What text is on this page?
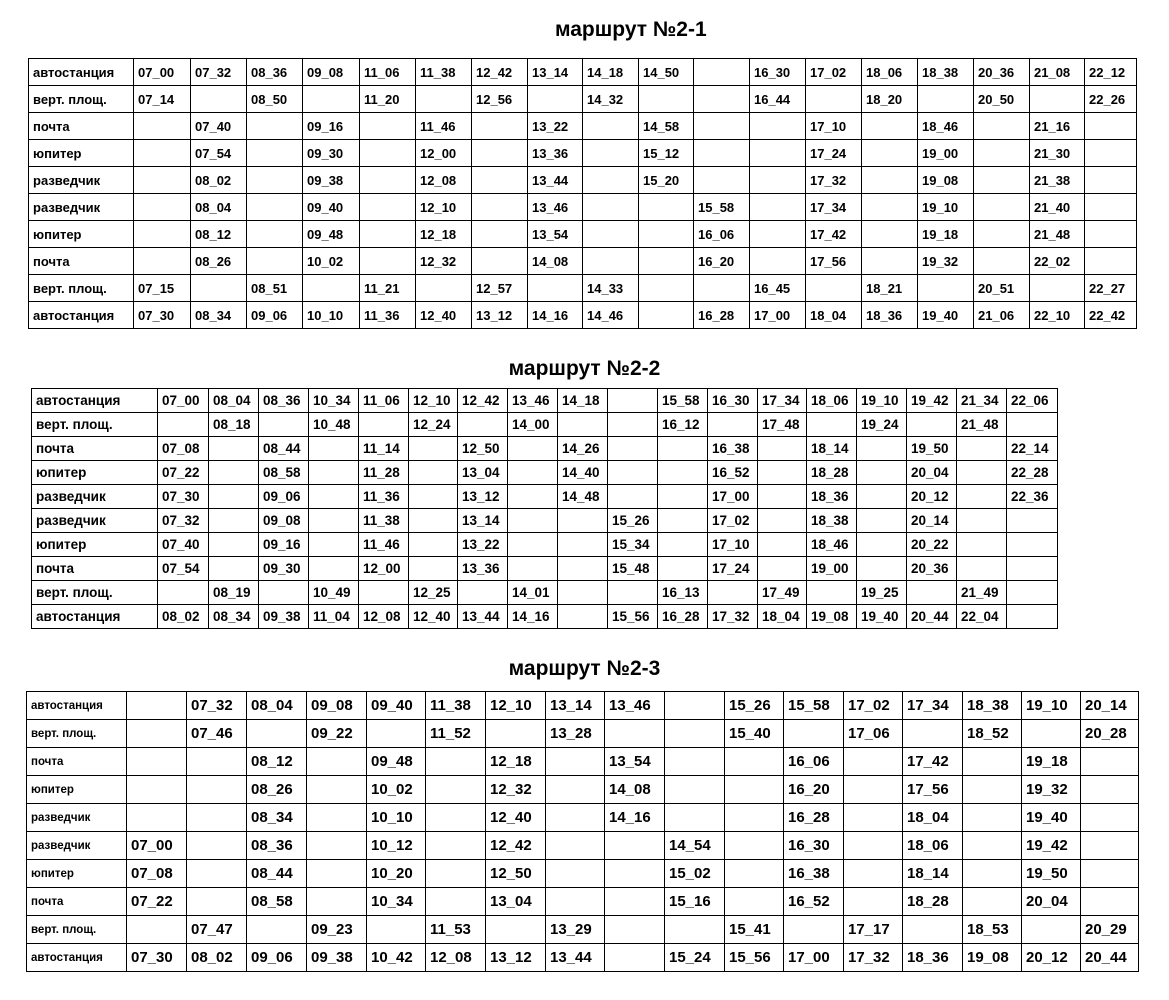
маршрут №2-1
автостанция	07_00	07_32	08_36	09_08	11_06	11_38	12_42	13_14	14_18	14_50		16_30	17_02	18_06	18_38	20_36	21_08	22_12
верт. площ.	07_14		08_50		11_20		12_56		14_32			16_44		18_20		20_50		22_26
почта		07_40		09_16		11_46		13_22		14_58			17_10		18_46		21_16	
юпитер		07_54		09_30		12_00		13_36		15_12			17_24		19_00		21_30	
разведчик		08_02		09_38		12_08		13_44		15_20			17_32		19_08		21_38	
разведчик		08_04		09_40		12_10		13_46			15_58		17_34		19_10		21_40	
юпитер		08_12		09_48		12_18		13_54			16_06		17_42		19_18		21_48	
почта		08_26		10_02		12_32		14_08			16_20		17_56		19_32		22_02	
верт. площ.	07_15		08_51		11_21		12_57		14_33			16_45		18_21		20_51		22_27
автостанция	07_30	08_34	09_06	10_10	11_36	12_40	13_12	14_16	14_46		16_28	17_00	18_04	18_36	19_40	21_06	22_10	22_42
маршрут №2-2
автостанция	07_00	08_04	08_36	10_34	11_06	12_10	12_42	13_46	14_18		15_58	16_30	17_34	18_06	19_10	19_42	21_34	22_06
верт. площ.		08_18		10_48		12_24		14_00			16_12		17_48		19_24		21_48	
почта	07_08		08_44		11_14		12_50		14_26			16_38		18_14		19_50		22_14
юпитер	07_22		08_58		11_28		13_04		14_40			16_52		18_28		20_04		22_28
разведчик	07_30		09_06		11_36		13_12		14_48			17_00		18_36		20_12		22_36
разведчик	07_32		09_08		11_38		13_14			15_26		17_02		18_38		20_14		
юпитер	07_40		09_16		11_46		13_22			15_34		17_10		18_46		20_22		
почта	07_54		09_30		12_00		13_36			15_48		17_24		19_00		20_36		
верт. площ.		08_19		10_49		12_25		14_01			16_13		17_49		19_25		21_49	
автостанция	08_02	08_34	09_38	11_04	12_08	12_40	13_44	14_16		15_56	16_28	17_32	18_04	19_08	19_40	20_44	22_04	
маршрут №2-3
автостанция		07_32	08_04	09_08	09_40	11_38	12_10	13_14	13_46		15_26	15_58	17_02	17_34	18_38	19_10	20_14
верт. площ.		07_46		09_22		11_52		13_28			15_40		17_06		18_52		20_28
почта			08_12		09_48		12_18		13_54			16_06		17_42		19_18	
юпитер			08_26		10_02		12_32		14_08			16_20		17_56		19_32	
разведчик			08_34		10_10		12_40		14_16			16_28		18_04		19_40	
разведчик	07_00		08_36		10_12		12_42			14_54		16_30		18_06		19_42	
юпитер	07_08		08_44		10_20		12_50			15_02		16_38		18_14		19_50	
почта	07_22		08_58		10_34		13_04			15_16		16_52		18_28		20_04	
верт. площ.		07_47		09_23		11_53		13_29			15_41		17_17		18_53		20_29
автостанция	07_30	08_02	09_06	09_38	10_42	12_08	13_12	13_44		15_24	15_56	17_00	17_32	18_36	19_08	20_12	20_44
